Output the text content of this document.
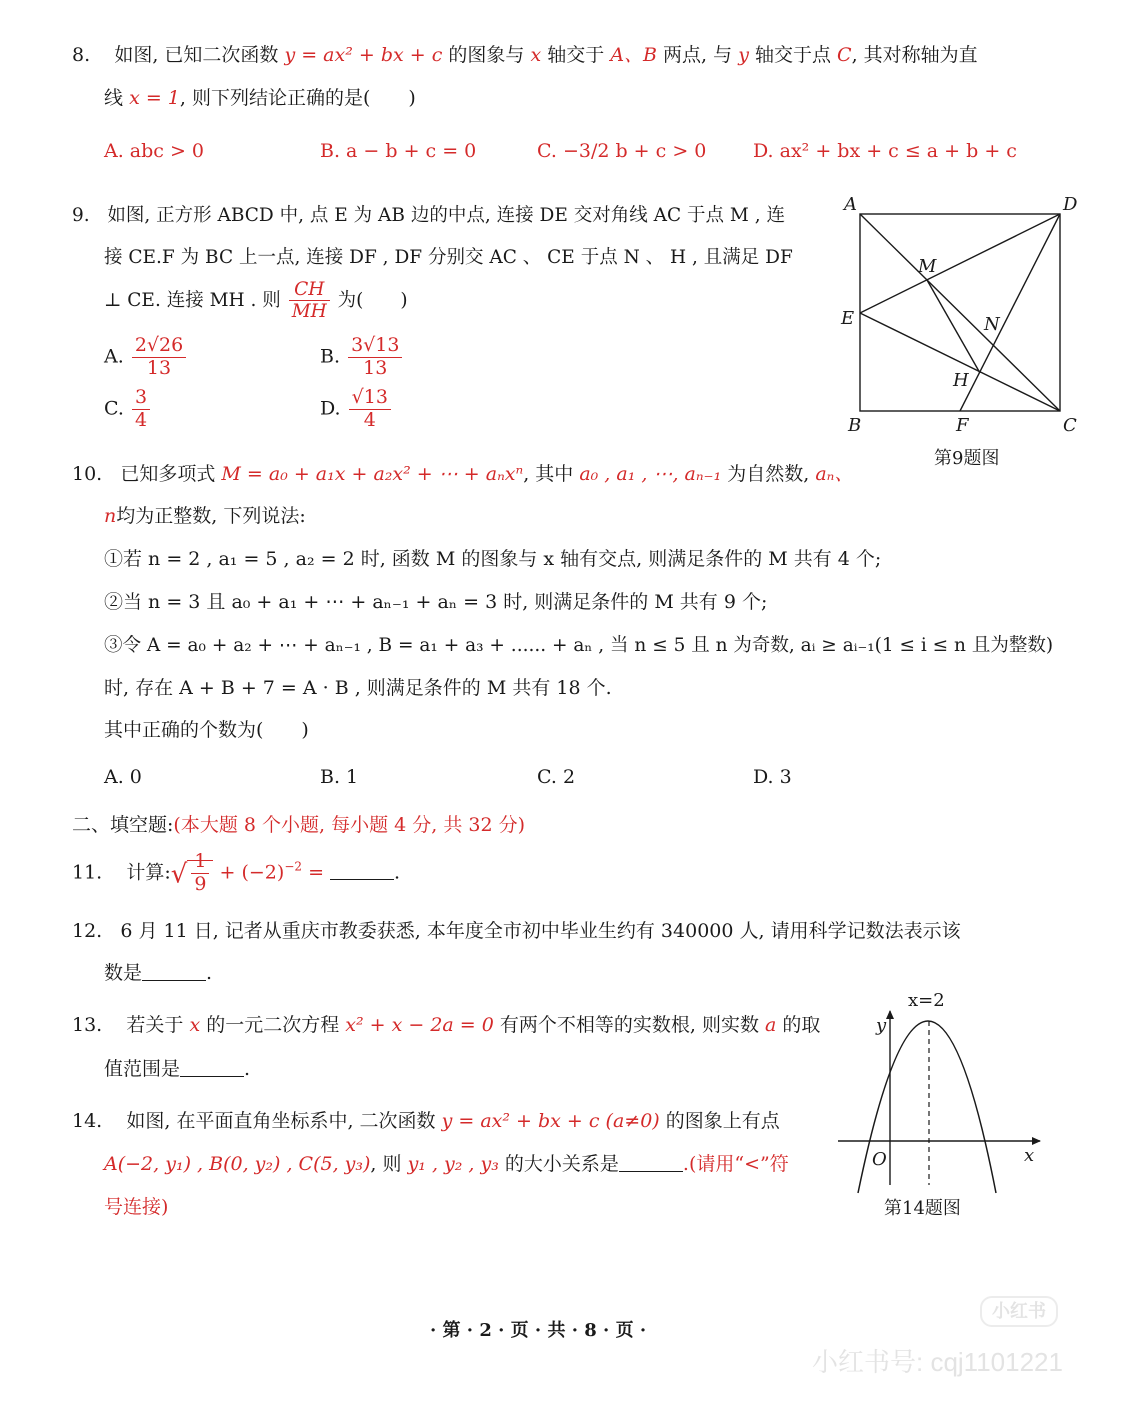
8. 如图, 已知二次函数 y = ax² + bx + c 的图象与 x 轴交于 A、B 两点, 与 y 轴交于点 C, 其对称轴为直
线 x = 1, 则下列结论正确的是(　　)
A. abc > 0	B. a − b + c = 0	C. −3/2 b + c > 0 D. ax² + bx + c ≤ a + b + c
9. 如图, 正方形 ABCD 中, 点 E 为 AB 边的中点, 连接 DE 交对角线 AC 于点 M , 连
接 CE.F 为 BC 上一点, 连接 DF , DF 分别交 AC 、 CE 于点 N 、 H , 且满足 DF
⊥ CE. 连接 MH . 则 $\frac{CH}{MH}$ 为(　　)
A. $\frac{2√26}{13}$	B. $\frac{3√13}{13}$
C. $\frac{3}{4}$	D. $\frac{√13}{4}$
A	D
M
E	N
H
B	F	C
第9题图
10. 已知多项式 M = a₀ + a₁x + a₂x² + ⋯ + aₙxⁿ, 其中 a₀ , a₁ , ⋯, aₙ₋₁ 为自然数, aₙ、
n均为正整数, 下列说法:
①若 n = 2 , a₁ = 5 , a₂ = 2 时, 函数 M 的图象与 x 轴有交点, 则满足条件的 M 共有 4 个;
②当 n = 3 且 a₀ + a₁ + ⋯ + aₙ₋₁ + aₙ = 3 时, 则满足条件的 M 共有 9 个;
③令 A = a₀ + a₂ + ⋯ + aₙ₋₁ , B = a₁ + a₃ + ...... + aₙ , 当 n ≤ 5 且 n 为奇数, aᵢ ≥ aᵢ₋₁(1 ≤ i ≤ n 且为整数)
时, 存在 A + B + 7 = A · B , 则满足条件的 M 共有 18 个.
其中正确的个数为(　　)
A. 0	B. 1	C. 2	D. 3
二、填空题:(本大题 8 个小题, 每小题 4 分, 共 32 分)
11. 计算:√ $\frac{1}{9} + (-2)^{-2}$ =	.
12. 6 月 11 日, 记者从重庆市教委获悉, 本年度全市初中毕业生约有 340000 人, 请用科学记数法表示该
数是	.
13. 若关于 x 的一元二次方程 x² + x − 2a = 0 有两个不相等的实数根, 则实数 a 的取
值范围是	.
14. 如图, 在平面直角坐标系中, 二次函数 y = ax² + bx + c (a≠0) 的图象上有点
A(−2, y₁) , B(0, y₂) , C(5, y₃), 则 y₁ , y₂ , y₃ 的大小关系是	.(请用“<”符
号连接)
x=2
y
x
O
第14题图
· 第 · 2 · 页 · 共 · 8 · 页 ·
小红书
小红书号: cqj1101221
